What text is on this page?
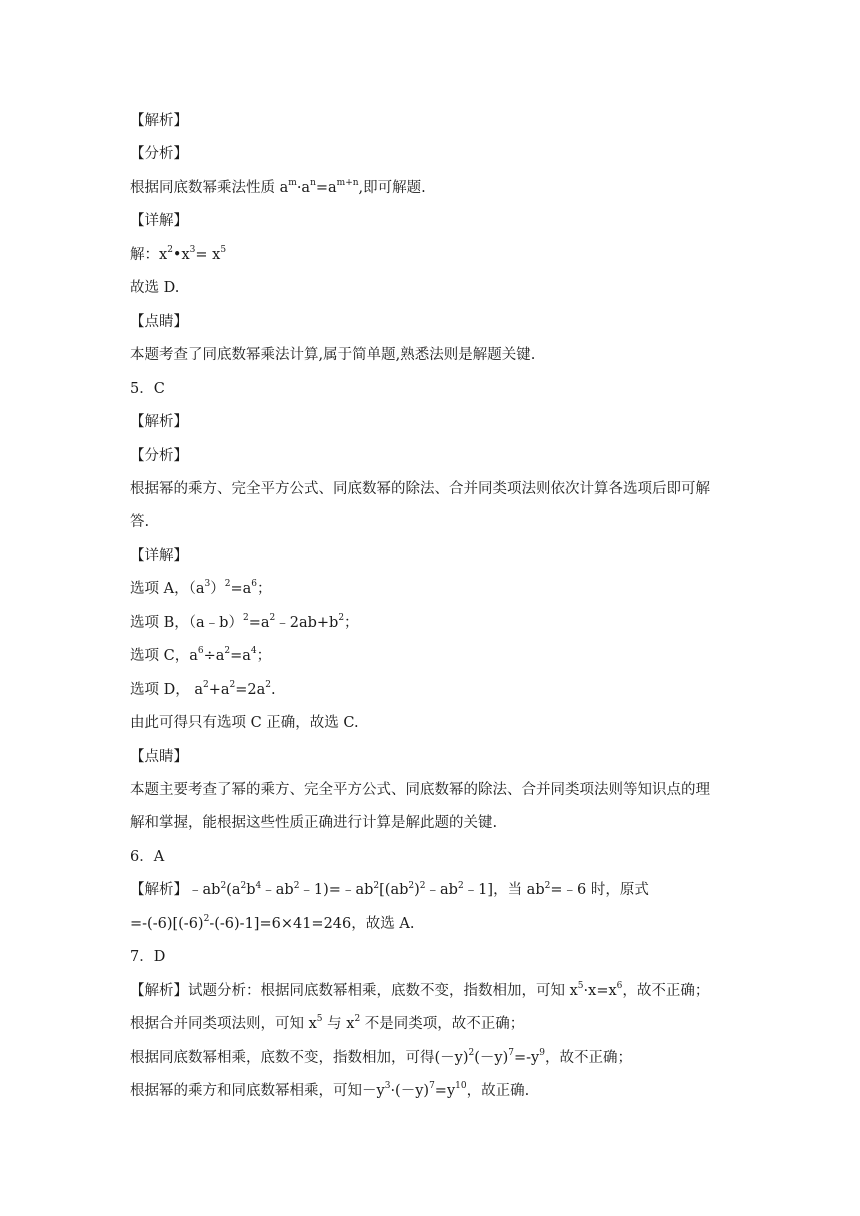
【解析】
【分析】
根据同底数幂乘法性质 $a^m\cdot a^n=a^{m+n}$,即可解题.
【详解】
解：$x^2•x^3= x^5$
故选 D.
【点睛】
本题考查了同底数幂乘法计算,属于简单题,熟悉法则是解题关键.
5．C
【解析】
【分析】
根据幂的乘方、完全平方公式、同底数幂的除法、合并同类项法则依次计算各选项后即可解
答.
【详解】
选项 A，$(a^3)^2=a^6$；
选项 B，$(a﹣b)^2=a^2﹣2ab+b^2$；
选项 C，$a^6\div a^2=a^4$；
选项 D， $a^2+a^2=2a^2$.
由此可得只有选项 C 正确，故选 C.
【点睛】
本题主要考查了幂的乘方、完全平方公式、同底数幂的除法、合并同类项法则等知识点的理
解和掌握，能根据这些性质正确进行计算是解此题的关键.
6．A
【解析】$﹣ab^2(a^2b^4﹣ab^2﹣1)=﹣ab^2[(ab^2)^2﹣ab^2﹣1]$，当 $ab^2=﹣6$ 时，原式
$=-(-6)[(-6)^2-(-6)-1]=6\times 41=246$，故选 A.
7．D
【解析】试题分析：根据同底数幂相乘，底数不变，指数相加，可知 $x^5\cdot x=x^6$，故不正确；
根据合并同类项法则，可知 $x^5$ 与 $x^2$ 不是同类项，故不正确；
根据同底数幂相乘，底数不变，指数相加，可得$(-y)^2(-y)^7=-y^9$，故不正确；
根据幂的乘方和同底数幂相乘，可知$-y^3\cdot(-y)^7=y^{10}$，故正确.
